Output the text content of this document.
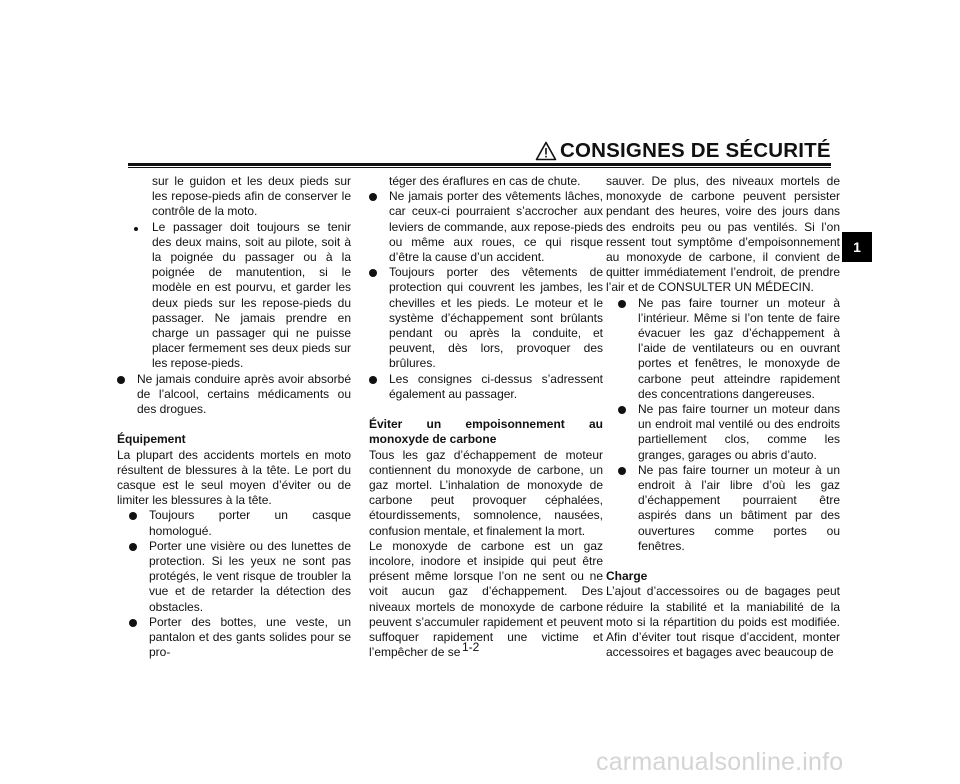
CONSIGNES DE SÉCURITÉ
1

sur le guidon et les deux pieds sur les repose-pieds afin de conserver le contrôle de la moto.

Le passager doit toujours se tenir des deux mains, soit au pilote, soit à la poignée du passager ou à la poignée de manutention, si le modèle en est pourvu, et garder les deux pieds sur les repose-pieds du passager. Ne jamais prendre en charge un passager qui ne puisse placer fermement ses deux pieds sur les repose-pieds.
Ne jamais conduire après avoir absorbé de l’alcool, certains médicaments ou des drogues.

Équipement

La plupart des accidents mortels en moto résultent de blessures à la tête. Le port du casque est le seul moyen d’éviter ou de limiter les blessures à la tête.

Toujours porter un casque homologué.
Porter une visière ou des lunettes de protection. Si les yeux ne sont pas protégés, le vent risque de troubler la vue et de retarder la détection des obstacles.
Porter des bottes, une veste, un pantalon et des gants solides pour se pro-

téger des éraflures en cas de chute.

Ne jamais porter des vêtements lâches, car ceux-ci pourraient s’accrocher aux leviers de commande, aux repose-pieds ou même aux roues, ce qui risque d’être la cause d’un accident.
Toujours porter des vêtements de protection qui couvrent les jambes, les chevilles et les pieds. Le moteur et le système d’échappement sont brûlants pendant ou après la conduite, et peuvent, dès lors, provoquer des brûlures.
Les consignes ci-dessus s’adressent également au passager.

Éviter un empoisonnement au monoxyde de carbone

Tous les gaz d’échappement de moteur contiennent du monoxyde de carbone, un gaz mortel. L’inhalation de monoxyde de carbone peut provoquer céphalées, étourdissements, somnolence, nausées, confusion mentale, et finalement la mort.

Le monoxyde de carbone est un gaz incolore, inodore et insipide qui peut être présent même lorsque l’on ne sent ou ne voit aucun gaz d’échappement. Des niveaux mortels de monoxyde de carbone peuvent s’accumuler rapidement et peuvent suffoquer rapidement une victime et l’empêcher de se

sauver. De plus, des niveaux mortels de monoxyde de carbone peuvent persister pendant des heures, voire des jours dans des endroits peu ou pas ventilés. Si l’on ressent tout symptôme d’empoisonnement au monoxyde de carbone, il convient de quitter immédiatement l’endroit, de prendre l’air et de CONSULTER UN MÉDECIN.

Ne pas faire tourner un moteur à l’intérieur. Même si l’on tente de faire évacuer les gaz d’échappement à l’aide de ventilateurs ou en ouvrant portes et fenêtres, le monoxyde de carbone peut atteindre rapidement des concentrations dangereuses.
Ne pas faire tourner un moteur dans un endroit mal ventilé ou des endroits partiellement clos, comme les granges, garages ou abris d’auto.
Ne pas faire tourner un moteur à un endroit à l’air libre d’où les gaz d’échappement pourraient être aspirés dans un bâtiment par des ouvertures comme portes ou fenêtres.

Charge

L’ajout d’accessoires ou de bagages peut réduire la stabilité et la maniabilité de la moto si la répartition du poids est modifiée. Afin d’éviter tout risque d’accident, monter accessoires et bagages avec beaucoup de

1-2
carmanualsonline.info
